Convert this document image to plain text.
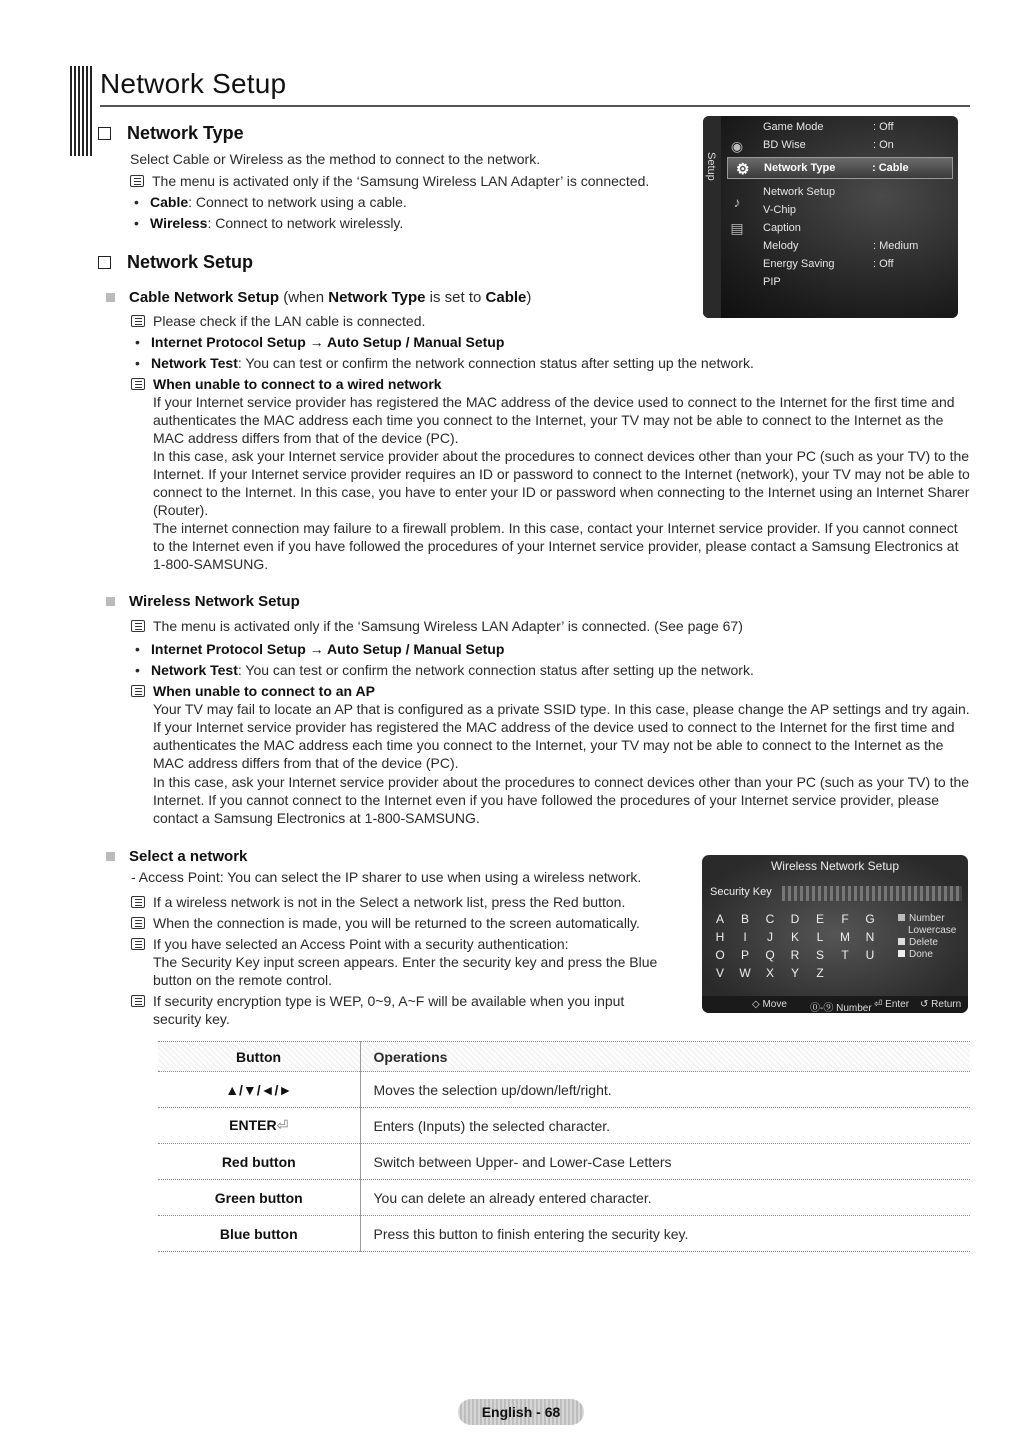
Network Setup
Network Type
Select Cable or Wireless as the method to connect to the network.
The menu is activated only if the ‘Samsung Wireless LAN Adapter’ is connected.
• Cable: Connect to network using a cable.
• Wireless: Connect to network wirelessly.
Setup
◉
♪
▤
Game Mode	: Off
BD Wise	: On
⚙ Network Type	: Cable
Network Setup
V-Chip
Caption
Melody	: Medium
Energy Saving	: Off
PIP
Network Setup
Cable Network Setup (when Network Type is set to Cable)
Please check if the LAN cable is connected.
• Internet Protocol Setup → Auto Setup / Manual Setup
• Network Test: You can test or confirm the network connection status after setting up the network.
When unable to connect to a wired network
If your Internet service provider has registered the MAC address of the device used to connect to the Internet for the first time and authenticates the MAC address each time you connect to the Internet, your TV may not be able to connect to the Internet as the MAC address differs from that of the device (PC).
In this case, ask your Internet service provider about the procedures to connect devices other than your PC (such as your TV) to the Internet. If your Internet service provider requires an ID or password to connect to the Internet (network), your TV may not be able to connect to the Internet. In this case, you have to enter your ID or password when connecting to the Internet using an Internet Sharer (Router).
The internet connection may failure to a firewall problem. In this case, contact your Internet service provider. If you cannot connect to the Internet even if you have followed the procedures of your Internet service provider, please contact a Samsung Electronics at 1-800-SAMSUNG.
Wireless Network Setup
The menu is activated only if the ‘Samsung Wireless LAN Adapter’ is connected. (See page 67)
• Internet Protocol Setup → Auto Setup / Manual Setup
• Network Test: You can test or confirm the network connection status after setting up the network.
When unable to connect to an AP
Your TV may fail to locate an AP that is configured as a private SSID type. In this case, please change the AP settings and try again. If your Internet service provider has registered the MAC address of the device used to connect to the Internet for the first time and authenticates the MAC address each time you connect to the Internet, your TV may not be able to connect to the Internet as the MAC address differs from that of the device (PC).
In this case, ask your Internet service provider about the procedures to connect devices other than your PC (such as your TV) to the Internet. If you cannot connect to the Internet even if you have followed the procedures of your Internet service provider, please contact a Samsung Electronics at 1-800-SAMSUNG.
Select a network
- Access Point: You can select the IP sharer to use when using a wireless network.
If a wireless network is not in the Select a network list, press the Red button.
When the connection is made, you will be returned to the screen automatically.
If you have selected an Access Point with a security authentication:
The Security Key input screen appears. Enter the security key and press the Blue
button on the remote control.
If security encryption type is WEP, 0~9, A~F will be available when you input
security key.
Wireless Network Setup
Security Key
A	B	C	D	E	F	G
H	I	J	K	L	M	N
O	P	Q	R	S	T	U
V	W	X	Y	Z
Number
Lowercase
Delete
Done
◇ Move ⓪-⑨ Number ⏎ Enter ↺ Return
Button	Operations
▲/▼/◄/►	Moves the selection up/down/left/right.
ENTER⏎	Enters (Inputs) the selected character.
Red button	Switch between Upper- and Lower-Case Letters
Green button	You can delete an already entered character.
Blue button	Press this button to finish entering the security key.
English - 68
